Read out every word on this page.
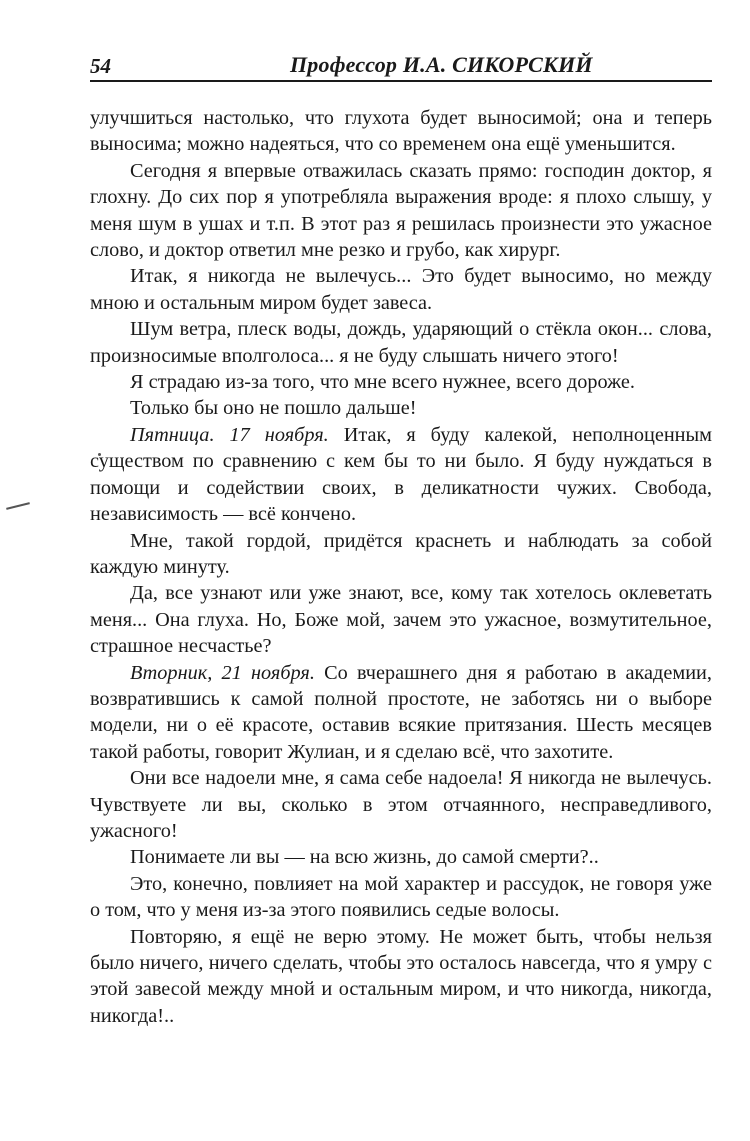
54	Профессор И.А. СИКОРСКИЙ

улучшиться настолько, что глухота будет выносимой; она и теперь выносима; можно надеяться, что со временем она ещё уменьшится.

Сегодня я впервые отважилась сказать прямо: господин доктор, я глохну. До сих пор я употребляла выражения вроде: я плохо слышу, у меня шум в ушах и т.п. В этот раз я решилась произнести это ужасное слово, и доктор ответил мне резко и грубо, как хирург.

Итак, я никогда не вылечусь... Это будет выносимо, но между мною и остальным миром будет завеса.

Шум ветра, плеск воды, дождь, ударяющий о стёкла окон... слова, произносимые вполголоса... я не буду слышать ничего этого!

Я страдаю из-за того, что мне всего нужнее, всего дороже.

Только бы оно не пошло дальше!

Пятница. 17 ноября. Итак, я буду калекой, неполноценным существом по сравнению с кем бы то ни было. Я буду нуждаться в помощи и содействии своих, в деликатности чужих. Свобода, независимость — всё кончено.

Мне, такой гордой, придётся краснеть и наблюдать за собой каждую минуту.

Да, все узнают или уже знают, все, кому так хотелось оклеветать меня... Она глуха. Но, Боже мой, зачем это ужасное, возмутительное, страшное несчастье?

Вторник, 21 ноября. Со вчерашнего дня я работаю в академии, возвратившись к самой полной простоте, не заботясь ни о выборе модели, ни о её красоте, оставив всякие притязания. Шесть месяцев такой работы, говорит Жулиан, и я сделаю всё, что захотите.

Они все надоели мне, я сама себе надоела! Я никогда не вылечусь. Чувствуете ли вы, сколько в этом отчаянного, несправедливого, ужасного!

Понимаете ли вы — на всю жизнь, до самой смерти?..

Это, конечно, повлияет на мой характер и рассудок, не говоря уже о том, что у меня из-за этого появились седые волосы.

Повторяю, я ещё не верю этому. Не может быть, чтобы нельзя было ничего, ничего сделать, чтобы это осталось навсегда, что я умру с этой завесой между мной и остальным миром, и что никогда, никогда, никогда!..
